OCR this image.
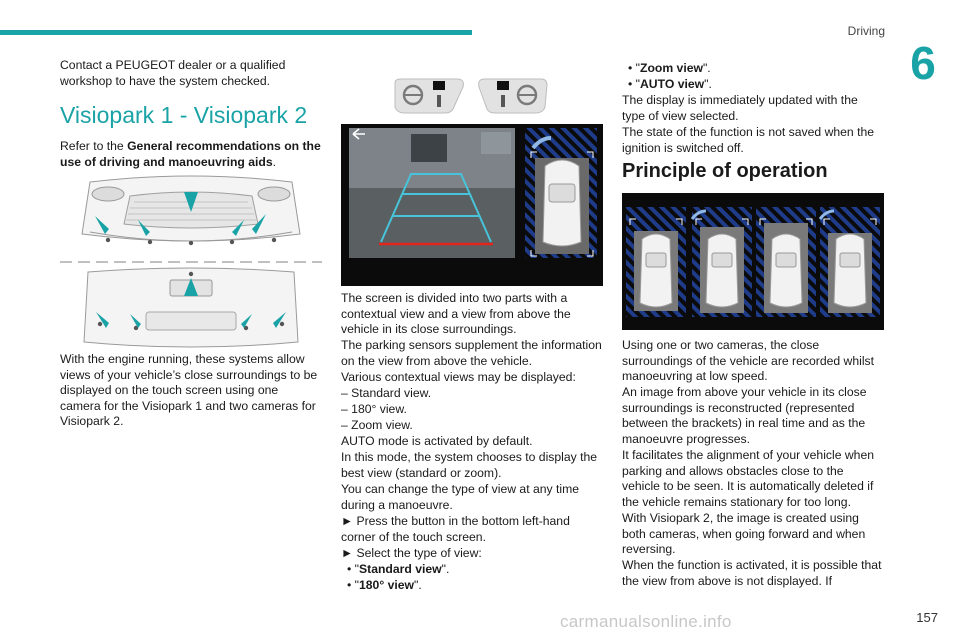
Driving
6

Contact a PEUGEOT dealer or a qualified workshop to have the system checked.

Visiopark 1 - Visiopark 2

Refer to the General recommendations on the use of driving and manoeuvring aids.

With the engine running, these systems allow views of your vehicle’s close surroundings to be displayed on the touch screen using one camera for the Visiopark 1 and two cameras for Visiopark 2.

The screen is divided into two parts with a contextual view and a view from above the vehicle in its close surroundings.

The parking sensors supplement the information on the view from above the vehicle.

Various contextual views may be displayed:

– Standard view.

– 180° view.

– Zoom view.

AUTO mode is activated by default.

In this mode, the system chooses to display the best view (standard or zoom).

You can change the type of view at any time during a manoeuvre.

► Press the button in the bottom left-hand corner of the touch screen.

► Select the type of view:

• "Standard view".

• "180° view".

• "Zoom view".

• "AUTO view".

The display is immediately updated with the type of view selected.

The state of the function is not saved when the ignition is switched off.

Principle of operation

Using one or two cameras, the close surroundings of the vehicle are recorded whilst manoeuvring at low speed.

An image from above your vehicle in its close surroundings is reconstructed (represented between the brackets) in real time and as the manoeuvre progresses.

It facilitates the alignment of your vehicle when parking and allows obstacles close to the vehicle to be seen. It is automatically deleted if the vehicle remains stationary for too long.

With Visiopark 2, the image is created using both cameras, when going forward and when reversing.

When the function is activated, it is possible that the view from above is not displayed. If

carmanualsonline.info	157
